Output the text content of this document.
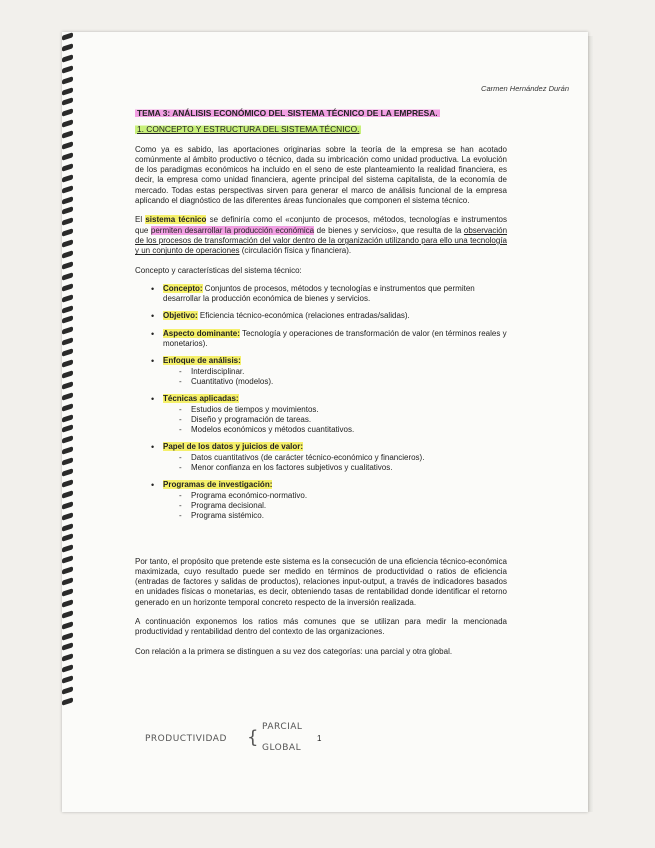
Carmen Hernández Durán
TEMA 3: ANÁLISIS ECONÓMICO DEL SISTEMA TÉCNICO DE LA EMPRESA.
1. CONCEPTO Y ESTRUCTURA DEL SISTEMA TÉCNICO.

Como ya es sabido, las aportaciones originarias sobre la teoría de la empresa se han acotado comúnmente al ámbito productivo o técnico, dada su imbricación como unidad productiva. La evolución de los paradigmas económicos ha incluido en el seno de este planteamiento la realidad financiera, es decir, la empresa como unidad financiera, agente principal del sistema capitalista, de la economía de mercado. Todas estas perspectivas sirven para generar el marco de análisis funcional de la empresa aplicando el diagnóstico de las diferentes áreas funcionales que componen el sistema técnico.

El sistema técnico se definiría como el «conjunto de procesos, métodos, tecnologías e instrumentos que permiten desarrollar la producción económica de bienes y servicios», que resulta de la observación de los procesos de transformación del valor dentro de la organización utilizando para ello una tecnología y un conjunto de operaciones (circulación física y financiera).

Concepto y características del sistema técnico:

• Concepto: Conjuntos de procesos, métodos y tecnologías e instrumentos que permiten desarrollar la producción económica de bienes y servicios.
• Objetivo: Eficiencia técnico-económica (relaciones entradas/salidas).
• Aspecto dominante: Tecnología y operaciones de transformación de valor (en términos reales y monetarios).
• Enfoque de análisis:
- Interdisciplinar.
- Cuantitativo (modelos).
• Técnicas aplicadas:
- Estudios de tiempos y movimientos.
- Diseño y programación de tareas.
- Modelos económicos y métodos cuantitativos.
• Papel de los datos y juicios de valor:
- Datos cuantitativos (de carácter técnico-económico y financieros).
- Menor confianza en los factores subjetivos y cualitativos.
• Programas de investigación:
- Programa económico-normativo.
- Programa decisional.
- Programa sistémico.

Por tanto, el propósito que pretende este sistema es la consecución de una eficiencia técnico-económica maximizada, cuyo resultado puede ser medido en términos de productividad o ratios de eficiencia (entradas de factores y salidas de productos), relaciones input-output, a través de indicadores basados en unidades físicas o monetarias, es decir, obteniendo tasas de rentabilidad donde identificar el retorno generado en un horizonte temporal concreto respecto de la inversión realizada.

A continuación exponemos los ratios más comunes que se utilizan para medir la mencionada productividad y rentabilidad dentro del contexto de las organizaciones.

Con relación a la primera se distinguen a su vez dos categorías: una parcial y otra global.

PRODUCTIVIDAD { PARCIAL
GLOBAL
1
